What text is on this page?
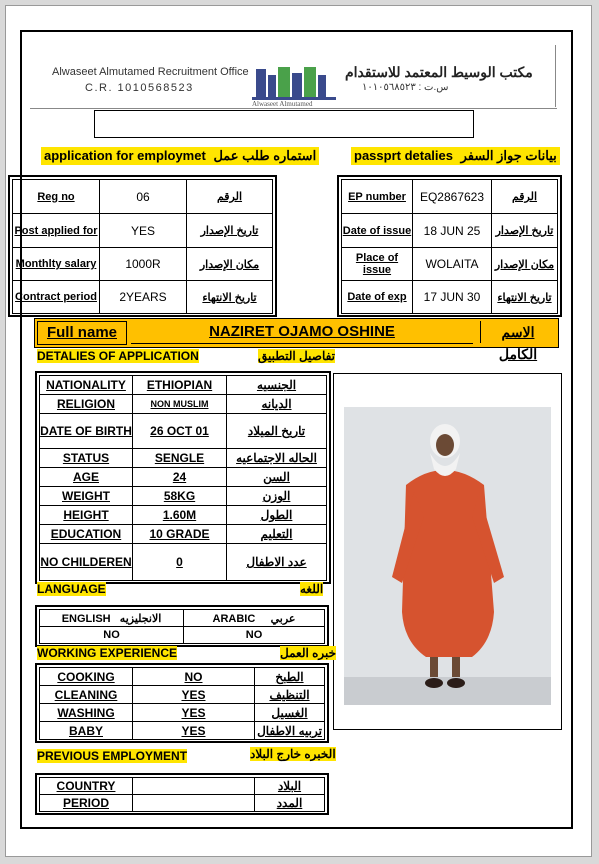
Alwaseet Almutamed Recruitment Office
C.R. 1010568523
مكتب الوسيط المعتمد للاستقدام
س.ت : ١٠١٠٥٦٨٥٢٣
Alwaseet Almutamed
application for employmet استماره طلب عمل	passprt detalies بيانات جواز السفر
Reg no	06	الرقم
Post applied for	YES	تاريخ الإصدار
Monthlty salary	1000R	مكان الإصدار
Contract period	2YEARS	تاريخ الانتهاء
EP number	EQ2867623	الرقم
Date of issue	18 JUN 25	تاريخ الإصدار
Place of issue	WOLAITA	مكان الإصدار
Date of exp	17 JUN 30	تاريخ الانتهاء
Full name	NAZIRET OJAMO OSHINE	الاسم الكامل
DETALIES OF APPLICATION	تفاصيل التطبيق
NATIONALITY	ETHIOPIAN	الجنسيه
RELIGION	NON MUSLIM	الديانه
DATE OF BIRTH	26 OCT 01	تاريخ الميلاد
STATUS	SENGLE	الحاله الاجتماعيه
AGE	24	السن
WEIGHT	58KG	الوزن
HEIGHT	1.60M	الطول
EDUCATION	10 GRADE	التعليم
NO CHILDEREN	0	عدد الاطفال
LANGUAGE	اللغه
ENGLISH الانجليزيه	ARABIC عربي
NO	NO
WORKING EXPERIENCE	خبره العمل
COOKING	NO	الطبخ
CLEANING	YES	التنظيف
WASHING	YES	الغسيل
BABY	YES	تربيه الاطفال
PREVIOUS EMPLOYMENT	الخبره خارج البلاد
COUNTRY		البلاد
PERIOD		المدد
